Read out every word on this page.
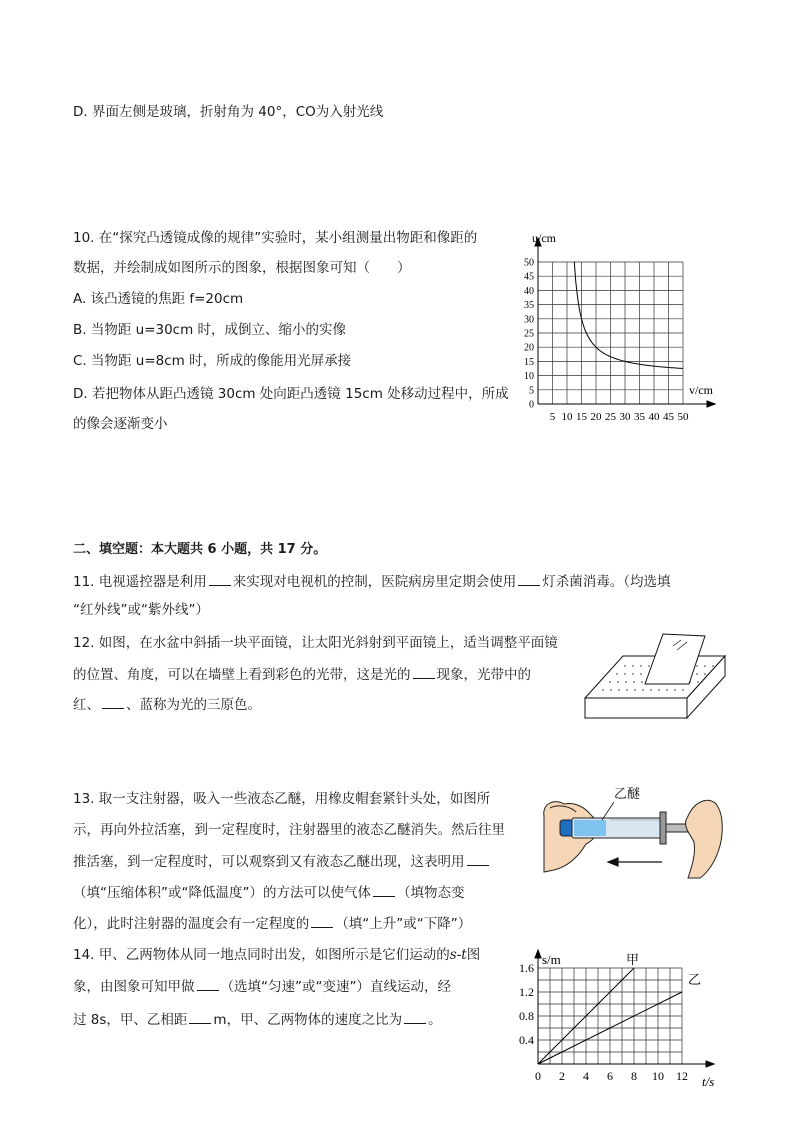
D. 界面左侧是玻璃，折射角为 40°，CO为入射光线
10. 在“探究凸透镜成像的规律”实验时，某小组测量出物距和像距的
数据，并绘制成如图所示的图象，根据图象可知（　　）
A. 该凸透镜的焦距 f=20cm
B. 当物距 u=30cm 时，成倒立、缩小的实像
C. 当物距 u=8cm 时，所成的像能用光屏承接
D. 若把物体从距凸透镜 30cm 处向距凸透镜 15cm 处移动过程中，所成
的像会逐渐变小
0
5
10
15
20
25
30
35
40
45
50
5 10 15 20 25 30 35 40 45 50
u/cm
v/cm
二、填空题：本大题共 6 小题，共 17 分。
11. 电视遥控器是利用 来实现对电视机的控制，医院病房里定期会使用 灯杀菌消毒。（均选填
“红外线”或“紫外线”）
12. 如图，在水盆中斜插一块平面镜，让太阳光斜射到平面镜上，适当调整平面镜
的位置、角度，可以在墙壁上看到彩色的光带，这是光的 现象，光带中的
红、 、蓝称为光的三原色。
13. 取一支注射器，吸入一些液态乙醚，用橡皮帽套紧针头处，如图所
示，再向外拉活塞，到一定程度时，注射器里的液态乙醚消失。然后往里
推活塞，到一定程度时，可以观察到又有液态乙醚出现，这表明用
（填“压缩体积”或“降低温度”）的方法可以使气体 （填物态变
化），此时注射器的温度会有一定程度的 （填“上升”或“下降”）
乙醚
14. 甲、乙两物体从同一地点同时出发，如图所示是它们运动的s-t图
象，由图象可知甲做 （选填“匀速”或“变速”）直线运动，经
过 8s，甲、乙相距 m，甲、乙两物体的速度之比为 。
0.4
0.8
1.2
1.6
0 2 4 6 8 10 12
甲
乙
s/m
t/s
